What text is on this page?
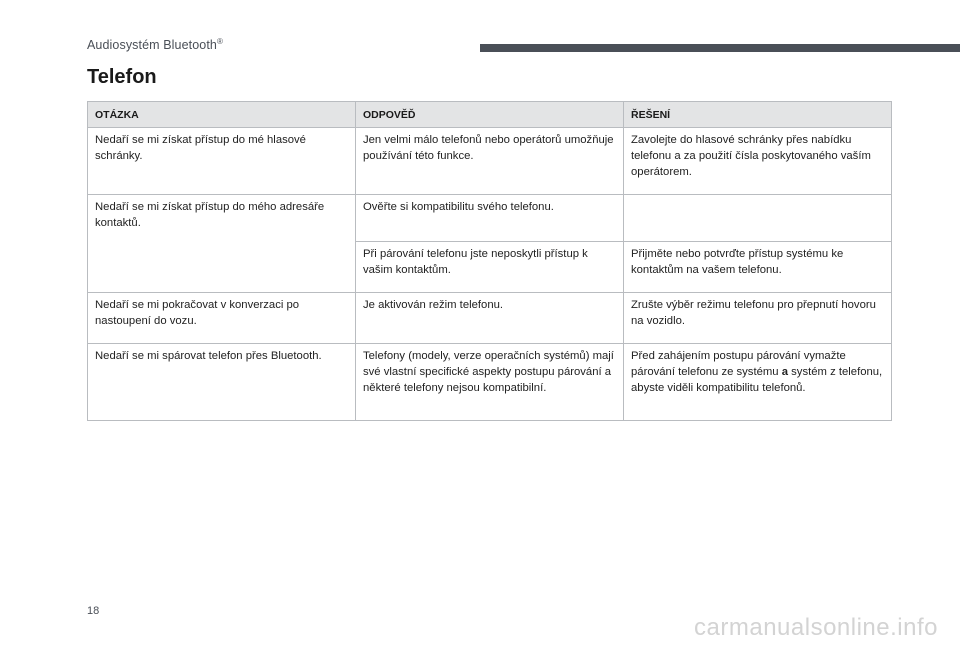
Audiosystém Bluetooth®
Telefon
OTÁZKA	ODPOVĚĎ	ŘEŠENÍ
Nedaří se mi získat přístup do mé hlasové schránky.	Jen velmi málo telefonů nebo operátorů umožňuje používání této funkce.	Zavolejte do hlasové schránky přes nabídku telefonu a za použití čísla poskytovaného vaším operátorem.
Nedaří se mi získat přístup do mého adresáře kontaktů.	Ověřte si kompatibilitu svého telefonu.	
	Při párování telefonu jste neposkytli přístup k vašim kontaktům.	Přijměte nebo potvrďte přístup systému ke kontaktům na vašem telefonu.
Nedaří se mi pokračovat v konverzaci po nastoupení do vozu.	Je aktivován režim telefonu.	Zrušte výběr režimu telefonu pro přepnutí hovoru na vozidlo.
Nedaří se mi spárovat telefon přes Bluetooth.	Telefony (modely, verze operačních systémů) mají své vlastní specifické aspekty postupu párování a některé telefony nejsou kompatibilní.	Před zahájením postupu párování vymažte párování telefonu ze systému a systém z telefonu, abyste viděli kompatibilitu telefonů.
18
carmanualsonline.info
